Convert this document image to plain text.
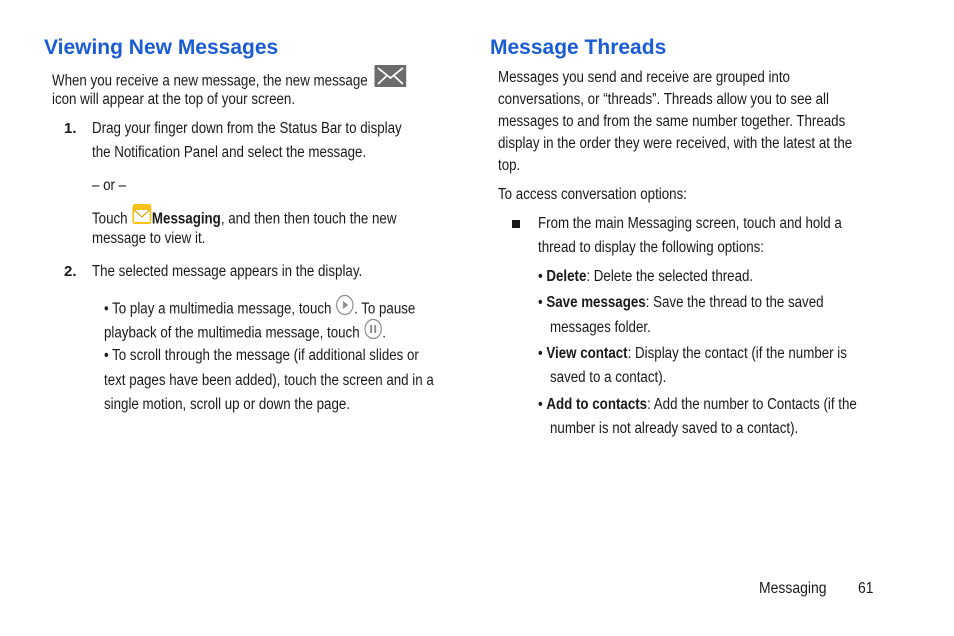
Viewing New Messages

When you receive a new message, the new message

icon will appear at the top of your screen.

1. Drag your finger down from the Status Bar to display

the Notification Panel and select the message.

– or –

Touch Messaging, and then then touch the new

message to view it.

2. The selected message appears in the display.

• To play a multimedia message, touch . To pause

playback of the multimedia message, touch .

• To scroll through the message (if additional slides or

text pages have been added), touch the screen and in a

single motion, scroll up or down the page.

Message Threads

Messages you send and receive are grouped into

conversations, or “threads”. Threads allow you to see all

messages to and from the same number together. Threads

display in the order they were received, with the latest at the

top.

To access conversation options:

From the main Messaging screen, touch and hold a

thread to display the following options:

• Delete: Delete the selected thread.

• Save messages: Save the thread to the saved

messages folder.

• View contact: Display the contact (if the number is

saved to a contact).

• Add to contacts: Add the number to Contacts (if the

number is not already saved to a contact).

Messaging 61
